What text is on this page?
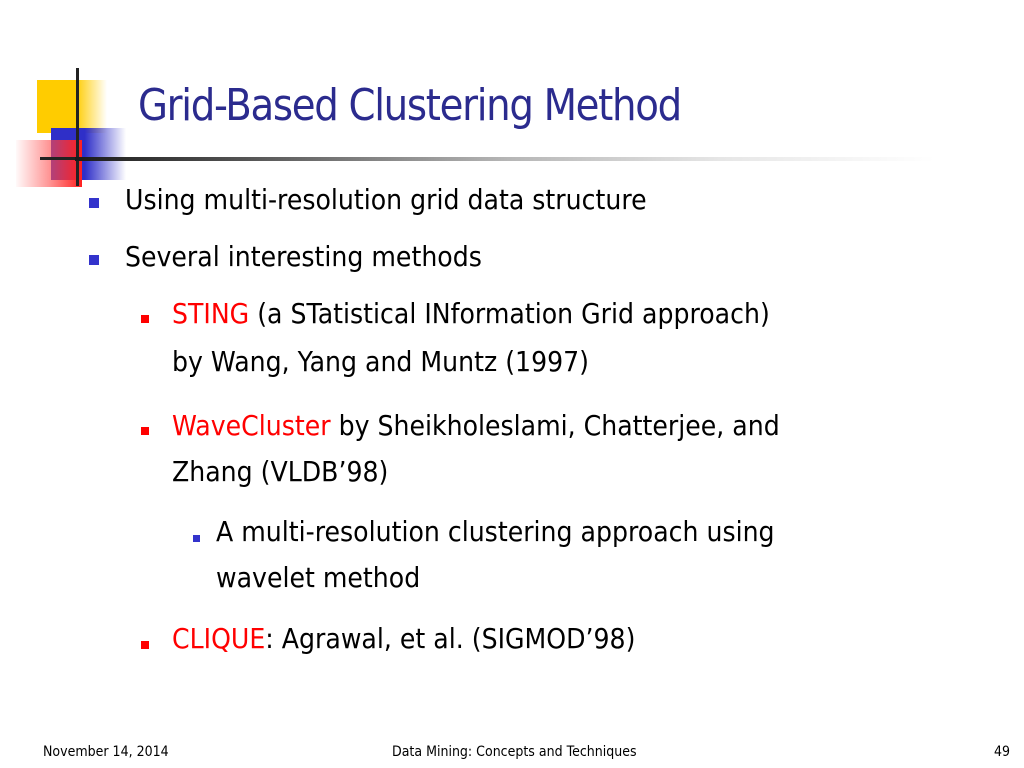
Grid-Based Clustering Method
Using multi-resolution grid data structure
Several interesting methods
STING (a STatistical INformation Grid approach)
by Wang, Yang and Muntz (1997)
WaveCluster by Sheikholeslami, Chatterjee, and
Zhang (VLDB’98)
A multi-resolution clustering approach using
wavelet method
CLIQUE: Agrawal, et al. (SIGMOD’98)
November 14, 2014	Data Mining: Concepts and Techniques	49
